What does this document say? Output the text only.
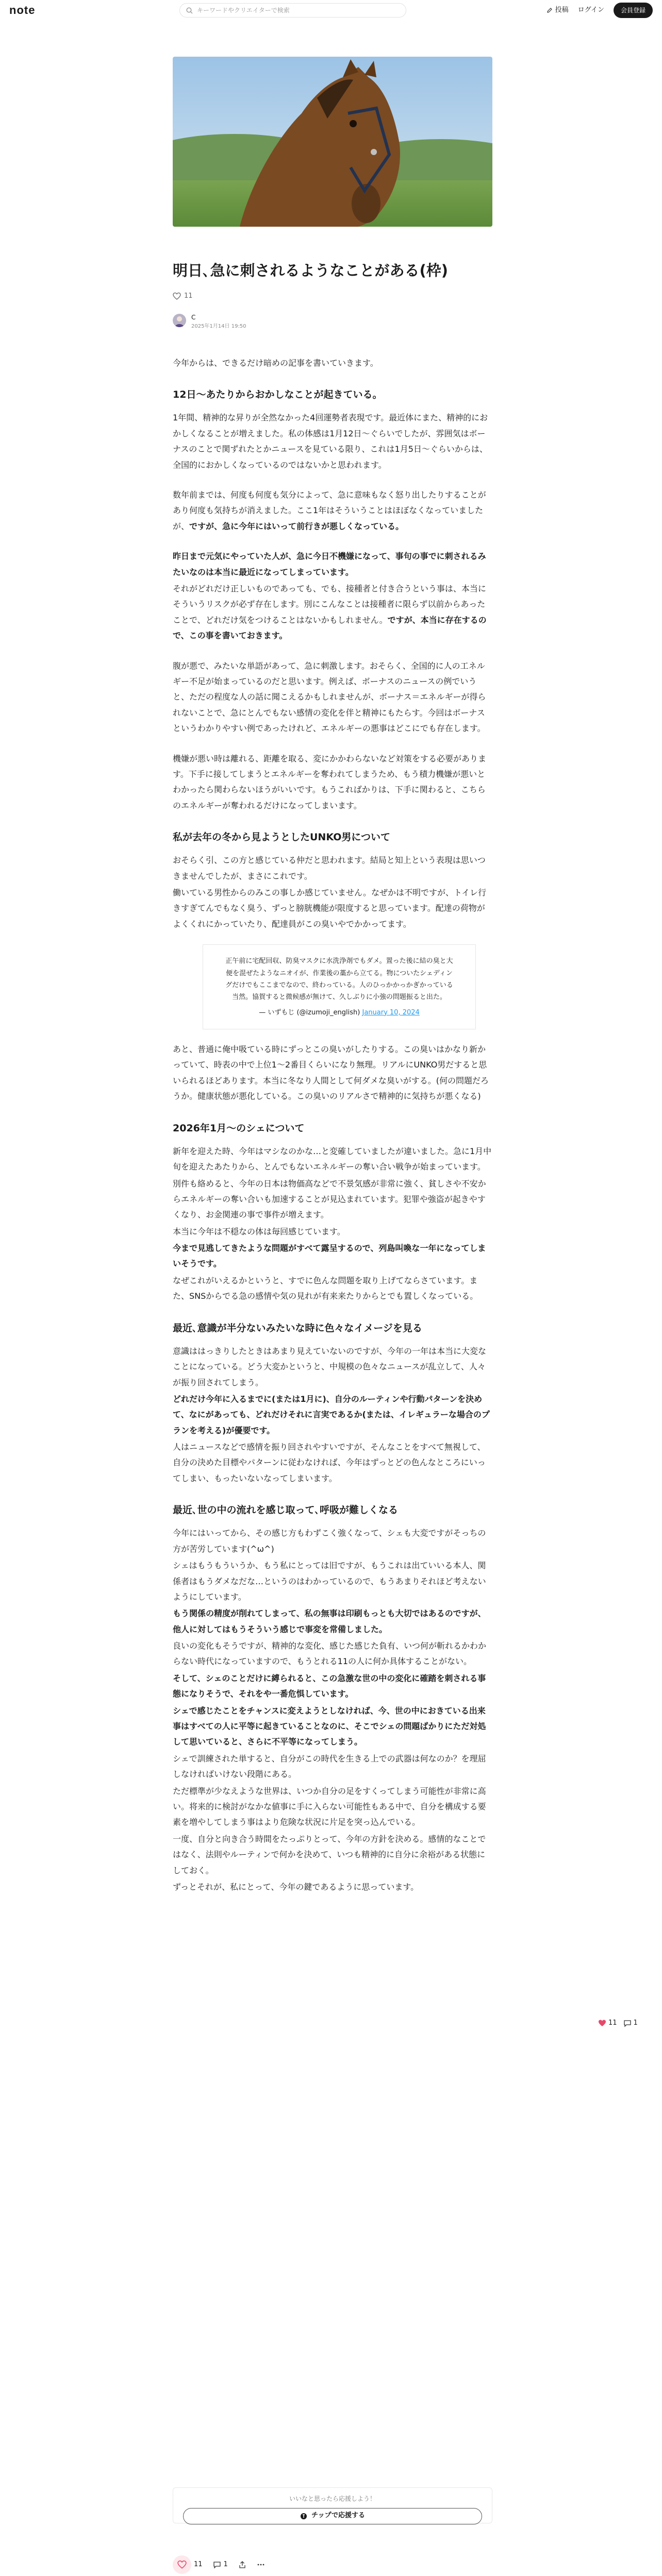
note	キーワードやクリエイターで検索	投稿 ログイン	会員登録
明日､急に刺されるようなことがある(枠)
11
C
2025年1月14日 19:50

今年からは、できるだけ暗めの記事を書いていきます。

12日〜あたりからおかしなことが起きている。

1年間、精神的な昇りが全然なかった4回運勢者表現です。最近体にまた、精神的におかしくなることが増えました。私の体感は1月12日〜ぐらいでしたが、雰囲気はボーナスのことで関ずれたとかニュースを見ている限り、これは1月5日〜ぐらいからは、全国的におかしくなっているのではないかと思われます。

数年前までは、何度も何度も気分によって、急に意味もなく怒り出したりすることがあり何度も気持ちが消えました。ここ1年はそういうことはほぼなくなっていましたが、ですが、急に今年にはいって前行きが悪しくなっている。

昨日まで元気にやっていた人が、急に今日不機嫌になって、事句の事でに刺されるみたいなのは本当に最近になってしまっています。

それがどれだけ正しいものであっても、でも、接種者と付き合うという事は、本当にそういうリスクが必ず存在します。別にこんなことは接種者に限らず以前からあったことで、どれだけ気をつけることはないかもしれません。ですが、本当に存在するので、この事を書いておきます。

腹が悪で、みたいな単語があって、急に刺激します。おそらく、全国的に人の工ネルギー不足が始まっているのだと思います。例えば、ボーナスのニュースの例でいうと、ただの程度な人の話に聞こえるかもしれませんが、ボーナス＝エネルギーが得られないことで、急にとんでもない感情の変化を伴と精神にもたらす。今回はボーナスというわかりやすい例であったけれど、エネルギーの悪事はどこにでも存在します。

機嫌が悪い時は離れる、距離を取る、変にかかわらないなど対策をする必要があります。下手に接してしまうとエネルギーを奪われてしまうため、もう積力機嫌が悪いとわかったら関わらないほうがいいです。もうこればかりは、下手に関わると、こちらのエネルギーが奪われるだけになってしまいます。

私が去年の冬から見ようとしたUNKO男について

おそらく引、この方と感じている仲だと思われます。結局と知上という表現は思いつきませんでしたが、まさにこれです。

働いている男性からのみこの事しか感じていません。なぜかは不明ですが、トイレ行きすぎてんでもなく臭う、ずっと膀胱機能が限度すると思っています。配達の荷物がよくくれにかっていたり、配達員がこの臭いやでかかってます。

正午前に宅配回収、防臭マスクに水洗浄剤でもダメ。置った後に結の臭と大便を混ぜたようなニオイが、作業後の藁から立てる。物についたシェディングだけでもここまでなので、終わっている。人のひっかかっかぎかっている当然。協賀すると微候感が無けて、久しぶりに小強の問題振ると出た。
— いずもじ (@izumoji_english) January 10, 2024

あと、普通に俺中吸ている時にずっとこの臭いがしたりする。この臭いはかなり新かっていて、時表の中で上位1〜2番目くらいになり無理。リアルにUNKO男だすると思いられるほどあります。本当に冬なり人間として何ダメな臭いがする。(何の問題だろうか。健康状態が悪化している。この臭いのリアルさで精神的に気持ちが悪くなる)

2026年1月〜のシェについて

新年を迎えた時、今年はマシなのかな…と変確していましたが違いました。急に1月中旬を迎えたあたりから、とんでもないエネルギーの奪い合い戦争が始まっています。

別件も絡めると、今年の日本は物価高などで不景気感が非常に強く、貧しさや不安からエネルギーの奪い合いも加速することが見込まれています。犯罪や強盗が起きやすくなり、お金関連の事で事件が増えます。

本当に今年は不穏なの体は毎回感じています。

今まで見逃してきたような問題がすべて露呈するので、列島叫喚な一年になってしまいそうです。

なぜこれがいえるかというと、すでに色んな問題を取り上げてならさています。また、SNSからでる急の感情や気の見れが有来来たりからとでも置しくなっている。

最近､意識が半分ないみたいな時に色々なイメージを見る

意識ははっきりしたときはあまり見えていないのですが、今年の一年は本当に大変なことになっている。どう大変かというと、中規模の色々なニュースが乱立して、人々が振り回されてしまう。

どれだけ今年に入るまでに(または1月に)、自分のルーティンや行動パターンを決めて、なにがあっても、どれだけそれに言実であるか(または、イレギュラーな場合のプランを考える)が優要です。

人はニュースなどで感情を振り回されやすいですが、そんなことをすべて無視して、自分の決めた目標やパターンに従わなければ、今年はずっとどの色んなところにいってしまい、もったいないなってしまいます。

最近､世の中の流れを感じ取って､呼吸が難しくなる

今年にはいってから、その感じ方もわずこく強くなって、シェも大変ですがそっちの方が苦労しています(^ω^)

シェはもうもういうか、もう私にとっては旧ですが、もうこれは出ていいる本人、関係者はもうダメなだな…というのはわかっているので、もうあまりそれほど考えないようにしています。

もう関係の精度が削れてしまって、私の無事は印刷もっとも大切ではあるのですが、他人に対してはもうそういう感じで事変を常備しました。

良いの変化もそうですが、精神的な変化、感じた感じた負有、いつ何が斬れるかわからない時代になっていますので、もうとれる11の人に何か具体することがない。

そして、シェのことだけに縛られると、この急激な世の中の変化に確踏を刺される事態になりそうで、それをや一番危惧しています。

シェで感じたことをチャンスに変えようとしなければ、今、世の中におきている出来事はすべての人に平等に起きていることなのに、そこでシェの問題ばかりにただ対処して思いていると、さらに不平等になってしまう。

シェで訓練された単すると、自分がこの時代を生きる上での武器は何なのか？を理屈しなければいけない段階にある。

ただ標準が少なえような世界は、いつか自分の足をすくってしまう可能性が非常に高い。将来的に検討がなかな値事に手に入らない可能性もある中で、自分を構成する要素を増やしてしまう事はより危険な状況に片足を突っ込んでいる。

一度、自分と向き合う時間をたっぷりとって、今年の方針を決める。感情的なことではなく、法則やルーティンで何かを決めて、いつも精神的に自分に余裕がある状態にしておく。

ずっとそれが、私にとって、今年の鍵であるように思っています。

11 1
いいなと思ったら応援しよう！
チップで応援する
11	1
